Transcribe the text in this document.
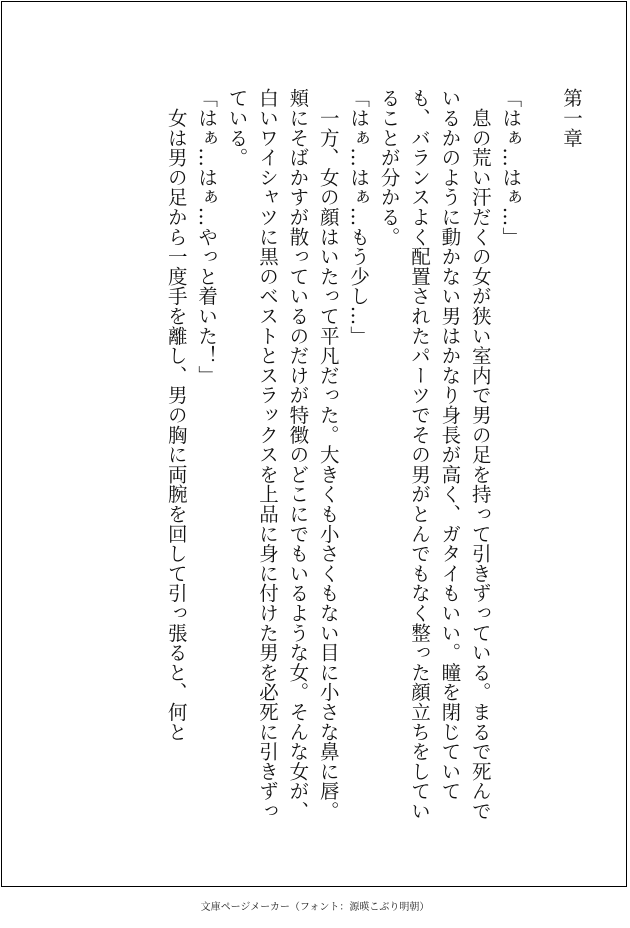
第一章

「はぁ…はぁ…」

　息の荒い汗だくの女が狭い室内で男の足を持って引きずっている。まるで死んでいるかのように動かない男はかなり身長が高く、ガタイもいい。瞳を閉じていても、バランスよく配置されたパーツでその男がとんでもなく整った顔立ちをしていることが分かる。

「はぁ…はぁ…もう少し…」

　一方、女の顔はいたって平凡だった。大きくも小さくもない目に小さな鼻に唇。頬にそばかすが散っているのだけが特徴のどこにでもいるような女。そんな女が、白いワイシャツに黒のベストとスラックスを上品に身に付けた男を必死に引きずっている。

「はぁ…はぁ…やっと着いた！」

　女は男の足から一度手を離し、男の胸に両腕を回して引っ張ると、何と

文庫ページメーカー（フォント：源暎こぶり明朝）
